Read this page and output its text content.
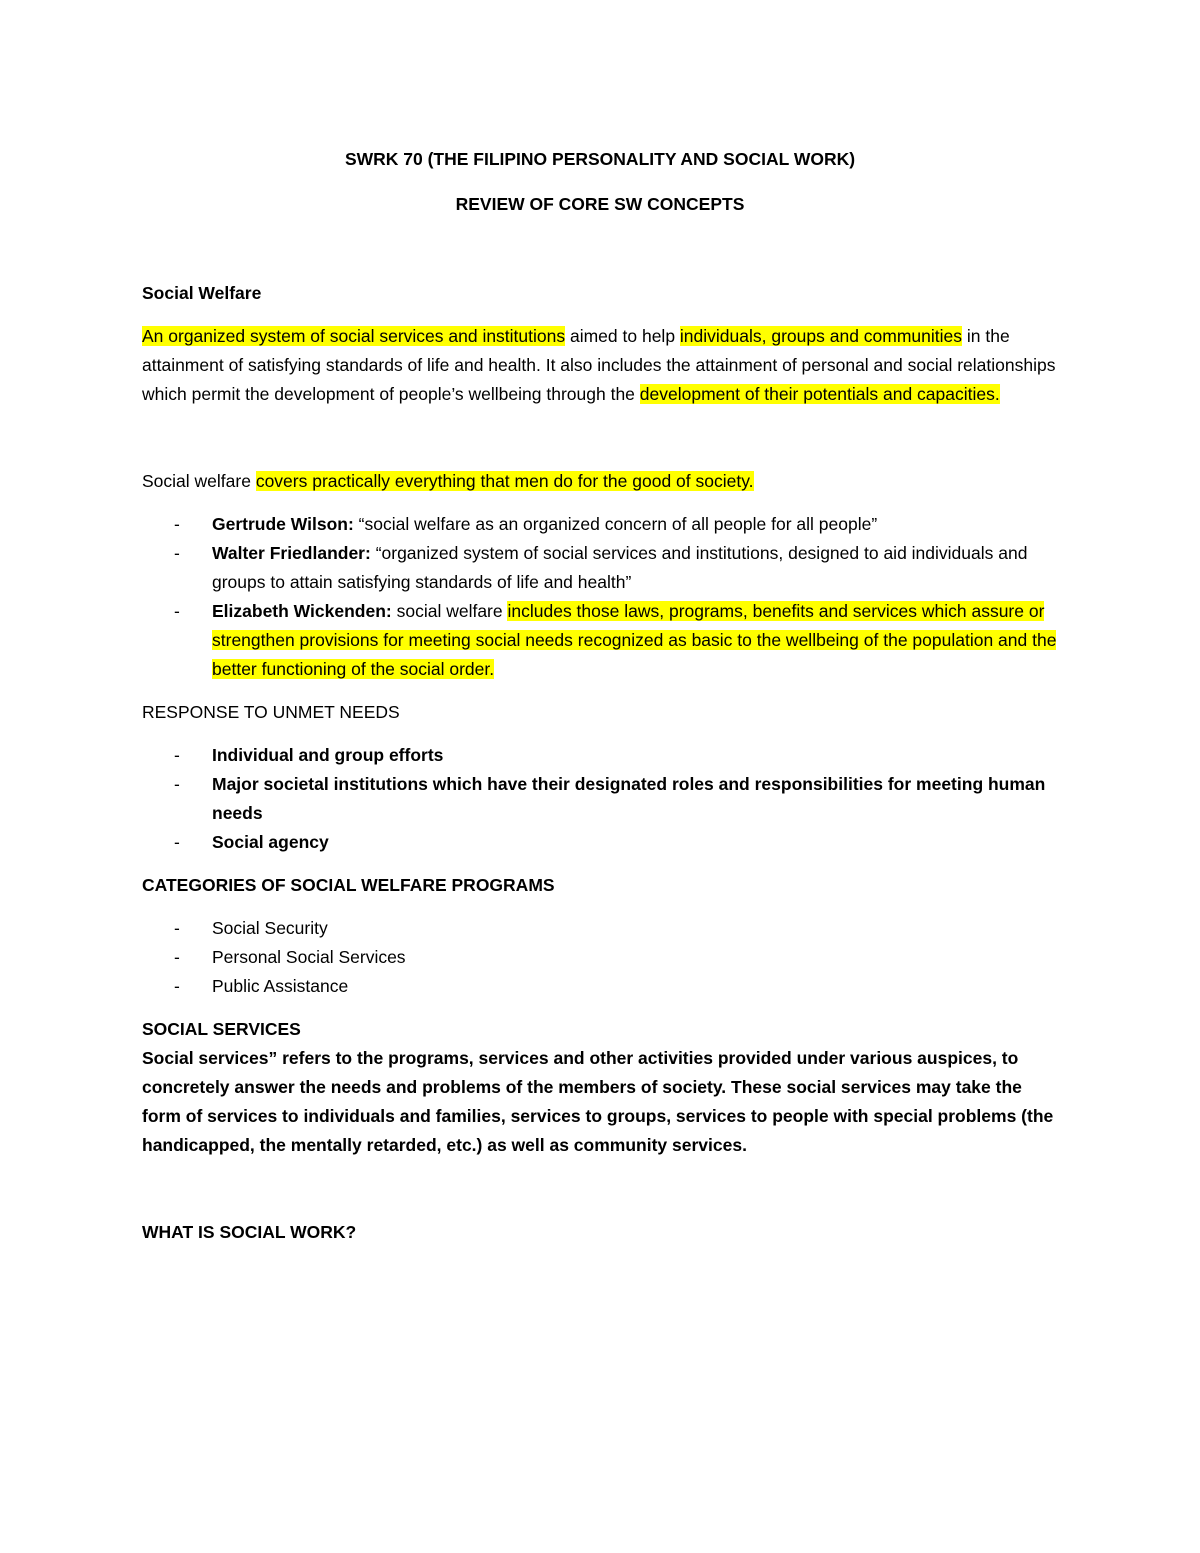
SWRK 70 (THE FILIPINO PERSONALITY AND SOCIAL WORK)

REVIEW OF CORE SW CONCEPTS

Social Welfare

An organized system of social services and institutions aimed to help individuals, groups and communities in the attainment of satisfying standards of life and health. It also includes the attainment of personal and social relationships which permit the development of people’s wellbeing through the development of their potentials and capacities.

Social welfare covers practically everything that men do for the good of society.

- Gertrude Wilson: “social welfare as an organized concern of all people for all people”
- Walter Friedlander: “organized system of social services and institutions, designed to aid individuals and groups to attain satisfying standards of life and health”
- Elizabeth Wickenden: social welfare includes those laws, programs, benefits and services which assure or strengthen provisions for meeting social needs recognized as basic to the wellbeing of the population and the better functioning of the social order.

RESPONSE TO UNMET NEEDS

- Individual and group efforts
- Major societal institutions which have their designated roles and responsibilities for meeting human needs
- Social agency

CATEGORIES OF SOCIAL WELFARE PROGRAMS

- Social Security
- Personal Social Services
- Public Assistance

SOCIAL SERVICES

Social services” refers to the programs, services and other activities provided under various auspices, to concretely answer the needs and problems of the members of society. These social services may take the form of services to individuals and families, services to groups, services to people with special problems (the handicapped, the mentally retarded, etc.) as well as community services.

WHAT IS SOCIAL WORK?
